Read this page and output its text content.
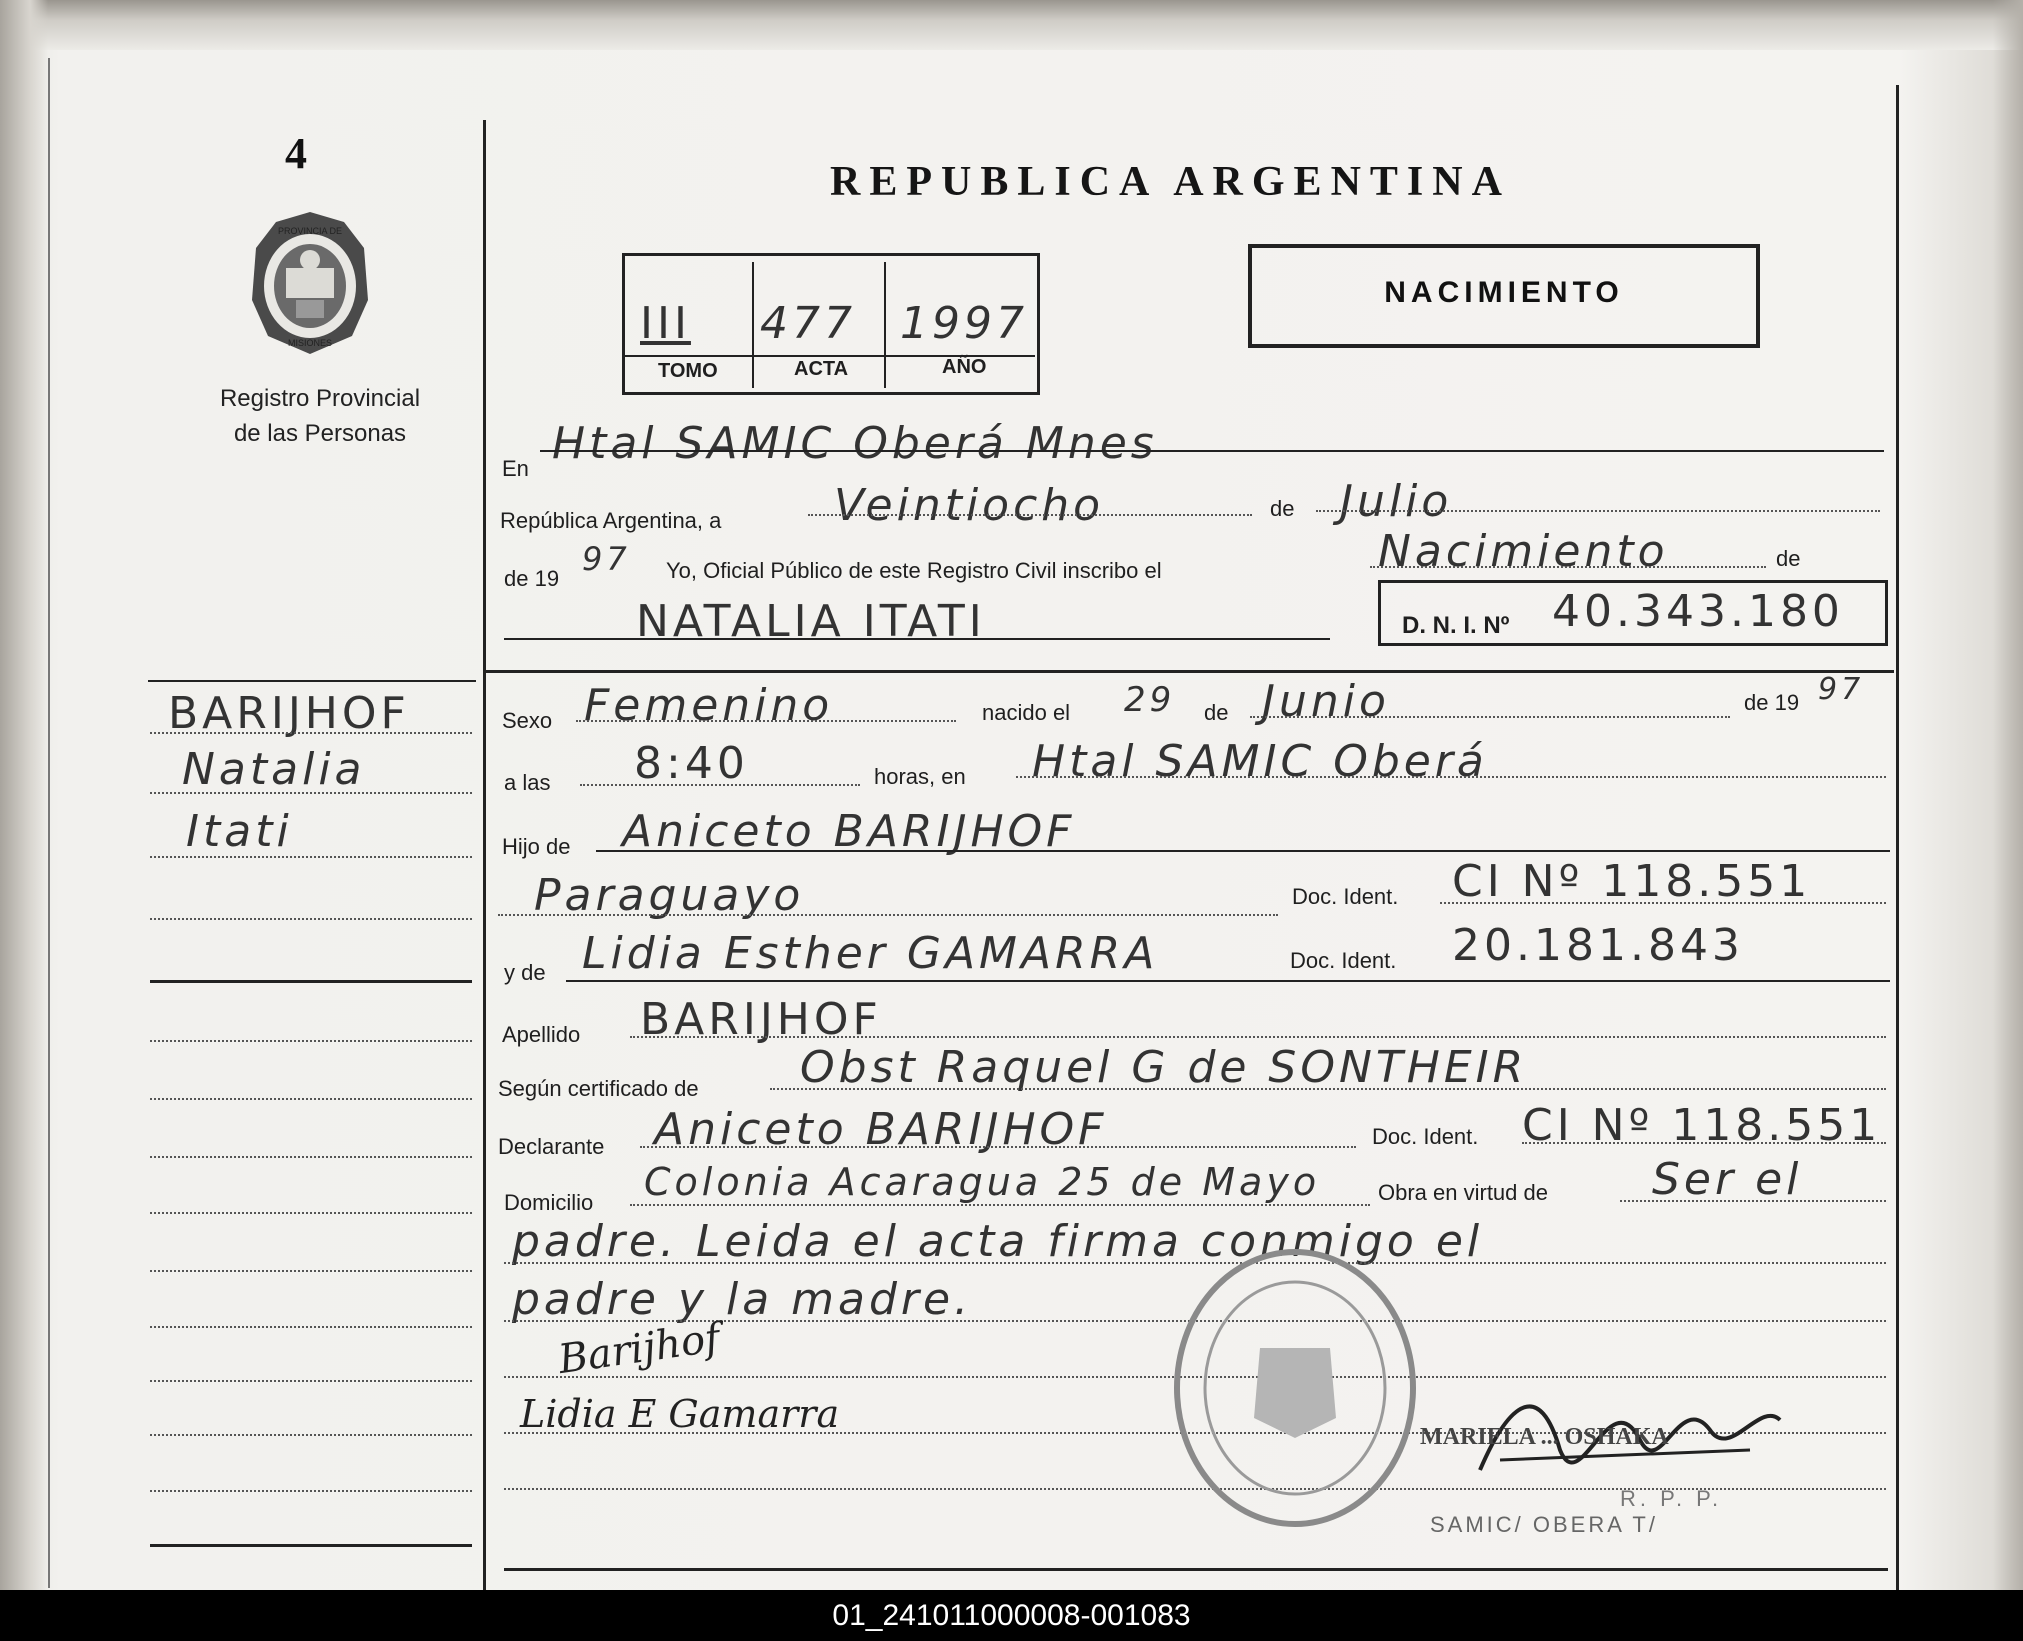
4
PROVINCIA DE
MISIONES
Registro Provincial
de las Personas
BARIJHOF
Natalia
Itati
REPUBLICA ARGENTINA
III 477 1997
TOMO	ACTA	AÑO
NACIMIENTO
En Htal SAMIC Oberá Mnes
República Argentina, a	Veintiocho	de Julio
de 19
97 Yo, Oficial Público de este Registro Civil inscribo el	Nacimiento	de
NATALIA ITATI	D. N. I. Nº 40.343.180
Sexo Femenino	nacido el 29 de Junio	de 19 97
a las 8:40	horas, en Htal SAMIC Oberá
Hijo de Aniceto BARIJHOF
Paraguayo	Doc. Ident. CI Nº 118.551
y de Lidia Esther GAMARRA	Doc. Ident. 20.181.843
Apellido BARIJHOF
Según certificado de Obst Raquel G de SONTHEIR
Declarante Aniceto BARIJHOF	Doc. Ident. CI Nº 118.551
Domicilio Colonia Acaragua 25 de Mayo	Obra en virtud de Ser el
padre. Leida el acta firma conmigo el
padre y la madre.
Barijhof
Lidia E Gamarra
MARIELA ... OSHAKA
R. P. P.
SAMIC/ OBERA T/
01_241011000008-001083
